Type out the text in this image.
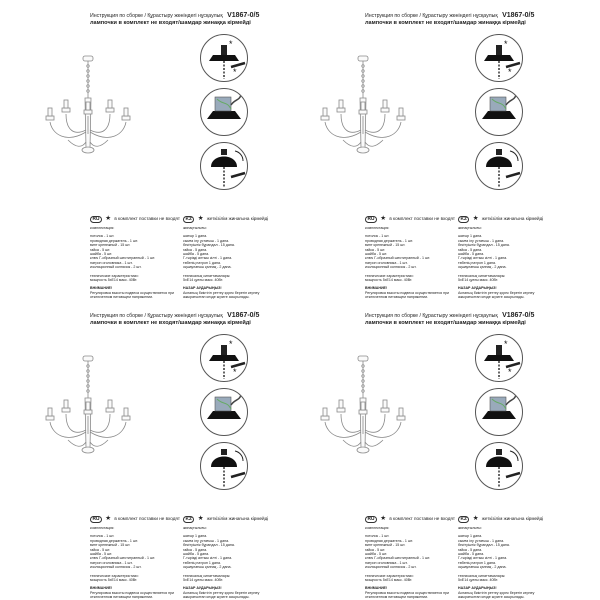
Инструкция по сборке / Құрастыру жөніндегі нұсқаулық V1867-0/5
лампочки в комплект не входят/шамдар жинаққа кірмейді
*
*
RU ★ в комплект поставки не входят	KZ ★ жеткізілім жинағына кірмейді

комплектация:

потолок - 1 шт.

проводная держатель - 1 шт.

винт крепежный - 15 шт.

гайка - 5 шт.

шайба - 5 шт.

ключ Г-образный шестигранный - 1 шт.

патрон оголовника - 1 шт.

изоляционный колпачок - 2 шт.

технические характеристики:

мощность 5xE14 макс. 40Вт.

ВНИМАНИЕ!

Регулировка высоты подвеса осуществляется при отключенном питающем напряжении.

жинақтылығы:

шатыр 1 дана.

сымға ілу ұстағыш - 1 дана.

бекітуіштік бұрандал - 15 дана.

гайка - 5 дана.

шайба - 5 дана.

Г-тәрізді алтыы кілті - 1 дана.

төбенің патрон 1 дана.

оқшаулағыш қалпақ - 2 дана.

техникалық сипаттамалары:

5xE14 қуаты макс. 40Вт.

НАЗАР АУДАРЫҢЫЗ!

Аспаның биіктігін реттеу қорек беретін кернеу ажыратылған кезде жүзеге асырылады.

Инструкция по сборке / Құрастыру жөніндегі нұсқаулық V1867-0/5
лампочки в комплект не входят/шамдар жинаққа кірмейді
*
*
RU ★ в комплект поставки не входят	KZ ★ жеткізілім жинағына кірмейді

комплектация:

потолок - 1 шт.

проводная держатель - 1 шт.

винт крепежный - 15 шт.

гайка - 5 шт.

шайба - 5 шт.

ключ Г-образный шестигранный - 1 шт.

патрон оголовника - 1 шт.

изоляционный колпачок - 2 шт.

технические характеристики:

мощность 5xE14 макс. 40Вт.

ВНИМАНИЕ!

Регулировка высоты подвеса осуществляется при отключенном питающем напряжении.

жинақтылығы:

шатыр 1 дана.

сымға ілу ұстағыш - 1 дана.

бекітуіштік бұрандал - 15 дана.

гайка - 5 дана.

шайба - 5 дана.

Г-тәрізді алтыы кілті - 1 дана.

төбенің патрон 1 дана.

оқшаулағыш қалпақ - 2 дана.

техникалық сипаттамалары:

5xE14 қуаты макс. 40Вт.

НАЗАР АУДАРЫҢЫЗ!

Аспаның биіктігін реттеу қорек беретін кернеу ажыратылған кезде жүзеге асырылады.

Инструкция по сборке / Құрастыру жөніндегі нұсқаулық V1867-0/5
лампочки в комплект не входят/шамдар жинаққа кірмейді
*
*
RU ★ в комплект поставки не входят	KZ ★ жеткізілім жинағына кірмейді

комплектация:

потолок - 1 шт.

проводная держатель - 1 шт.

винт крепежный - 15 шт.

гайка - 5 шт.

шайба - 5 шт.

ключ Г-образный шестигранный - 1 шт.

патрон оголовника - 1 шт.

изоляционный колпачок - 2 шт.

технические характеристики:

мощность 5xE14 макс. 40Вт.

ВНИМАНИЕ!

Регулировка высоты подвеса осуществляется при отключенном питающем напряжении.

жинақтылығы:

шатыр 1 дана.

сымға ілу ұстағыш - 1 дана.

бекітуіштік бұрандал - 15 дана.

гайка - 5 дана.

шайба - 5 дана.

Г-тәрізді алтыы кілті - 1 дана.

төбенің патрон 1 дана.

оқшаулағыш қалпақ - 2 дана.

техникалық сипаттамалары:

5xE14 қуаты макс. 40Вт.

НАЗАР АУДАРЫҢЫЗ!

Аспаның биіктігін реттеу қорек беретін кернеу ажыратылған кезде жүзеге асырылады.

Инструкция по сборке / Құрастыру жөніндегі нұсқаулық V1867-0/5
лампочки в комплект не входят/шамдар жинаққа кірмейді
*
*
RU ★ в комплект поставки не входят	KZ ★ жеткізілім жинағына кірмейді

комплектация:

потолок - 1 шт.

проводная держатель - 1 шт.

винт крепежный - 15 шт.

гайка - 5 шт.

шайба - 5 шт.

ключ Г-образный шестигранный - 1 шт.

патрон оголовника - 1 шт.

изоляционный колпачок - 2 шт.

технические характеристики:

мощность 5xE14 макс. 40Вт.

ВНИМАНИЕ!

Регулировка высоты подвеса осуществляется при отключенном питающем напряжении.

жинақтылығы:

шатыр 1 дана.

сымға ілу ұстағыш - 1 дана.

бекітуіштік бұрандал - 15 дана.

гайка - 5 дана.

шайба - 5 дана.

Г-тәрізді алтыы кілті - 1 дана.

төбенің патрон 1 дана.

оқшаулағыш қалпақ - 2 дана.

техникалық сипаттамалары:

5xE14 қуаты макс. 40Вт.

НАЗАР АУДАРЫҢЫЗ!

Аспаның биіктігін реттеу қорек беретін кернеу ажыратылған кезде жүзеге асырылады.
